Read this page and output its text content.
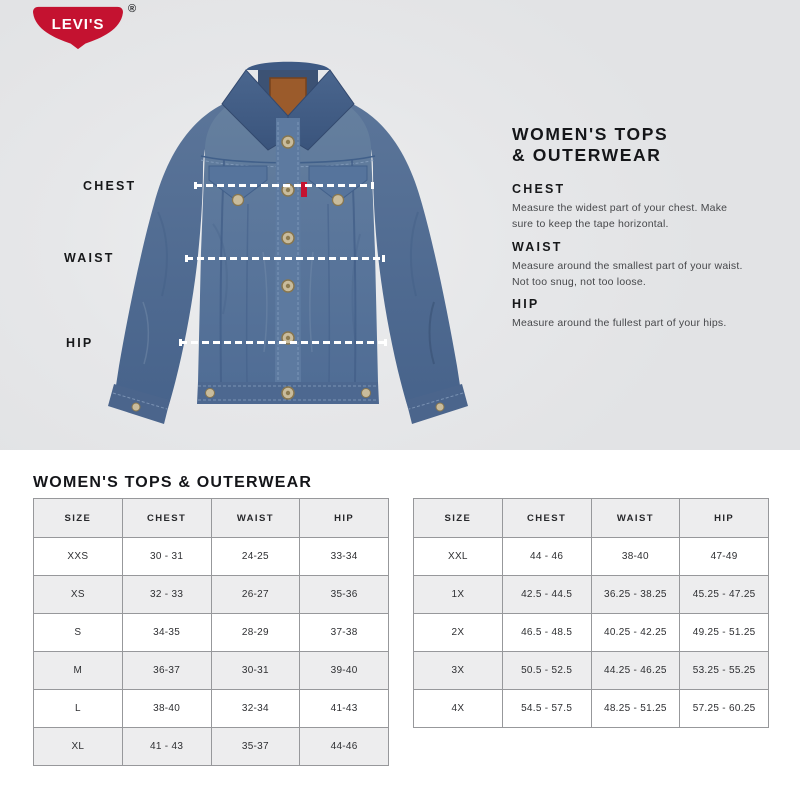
LEVI'S
®
CHEST
WAIST
HIP
WOMEN'S TOPS
& OUTERWEAR

CHEST

Measure the widest part of your chest. Make sure to keep the tape horizontal.

WAIST

Measure around the smallest part of your waist. Not too snug, not too loose.

HIP

Measure around the fullest part of your hips.

WOMEN'S TOPS & OUTERWEAR
SIZE	CHEST	WAIST	HIP
XXS	30 - 31	24-25	33-34
XS	32 - 33	26-27	35-36
S	34-35	28-29	37-38
M	36-37	30-31	39-40
L	38-40	32-34	41-43
XL	41 - 43	35-37	44-46
SIZE	CHEST	WAIST	HIP
XXL	44 - 46	38-40	47-49
1X	42.5 - 44.5	36.25 - 38.25	45.25 - 47.25
2X	46.5 - 48.5	40.25 - 42.25	49.25 - 51.25
3X	50.5 - 52.5	44.25 - 46.25	53.25 - 55.25
4X	54.5 - 57.5	48.25 - 51.25	57.25 - 60.25
